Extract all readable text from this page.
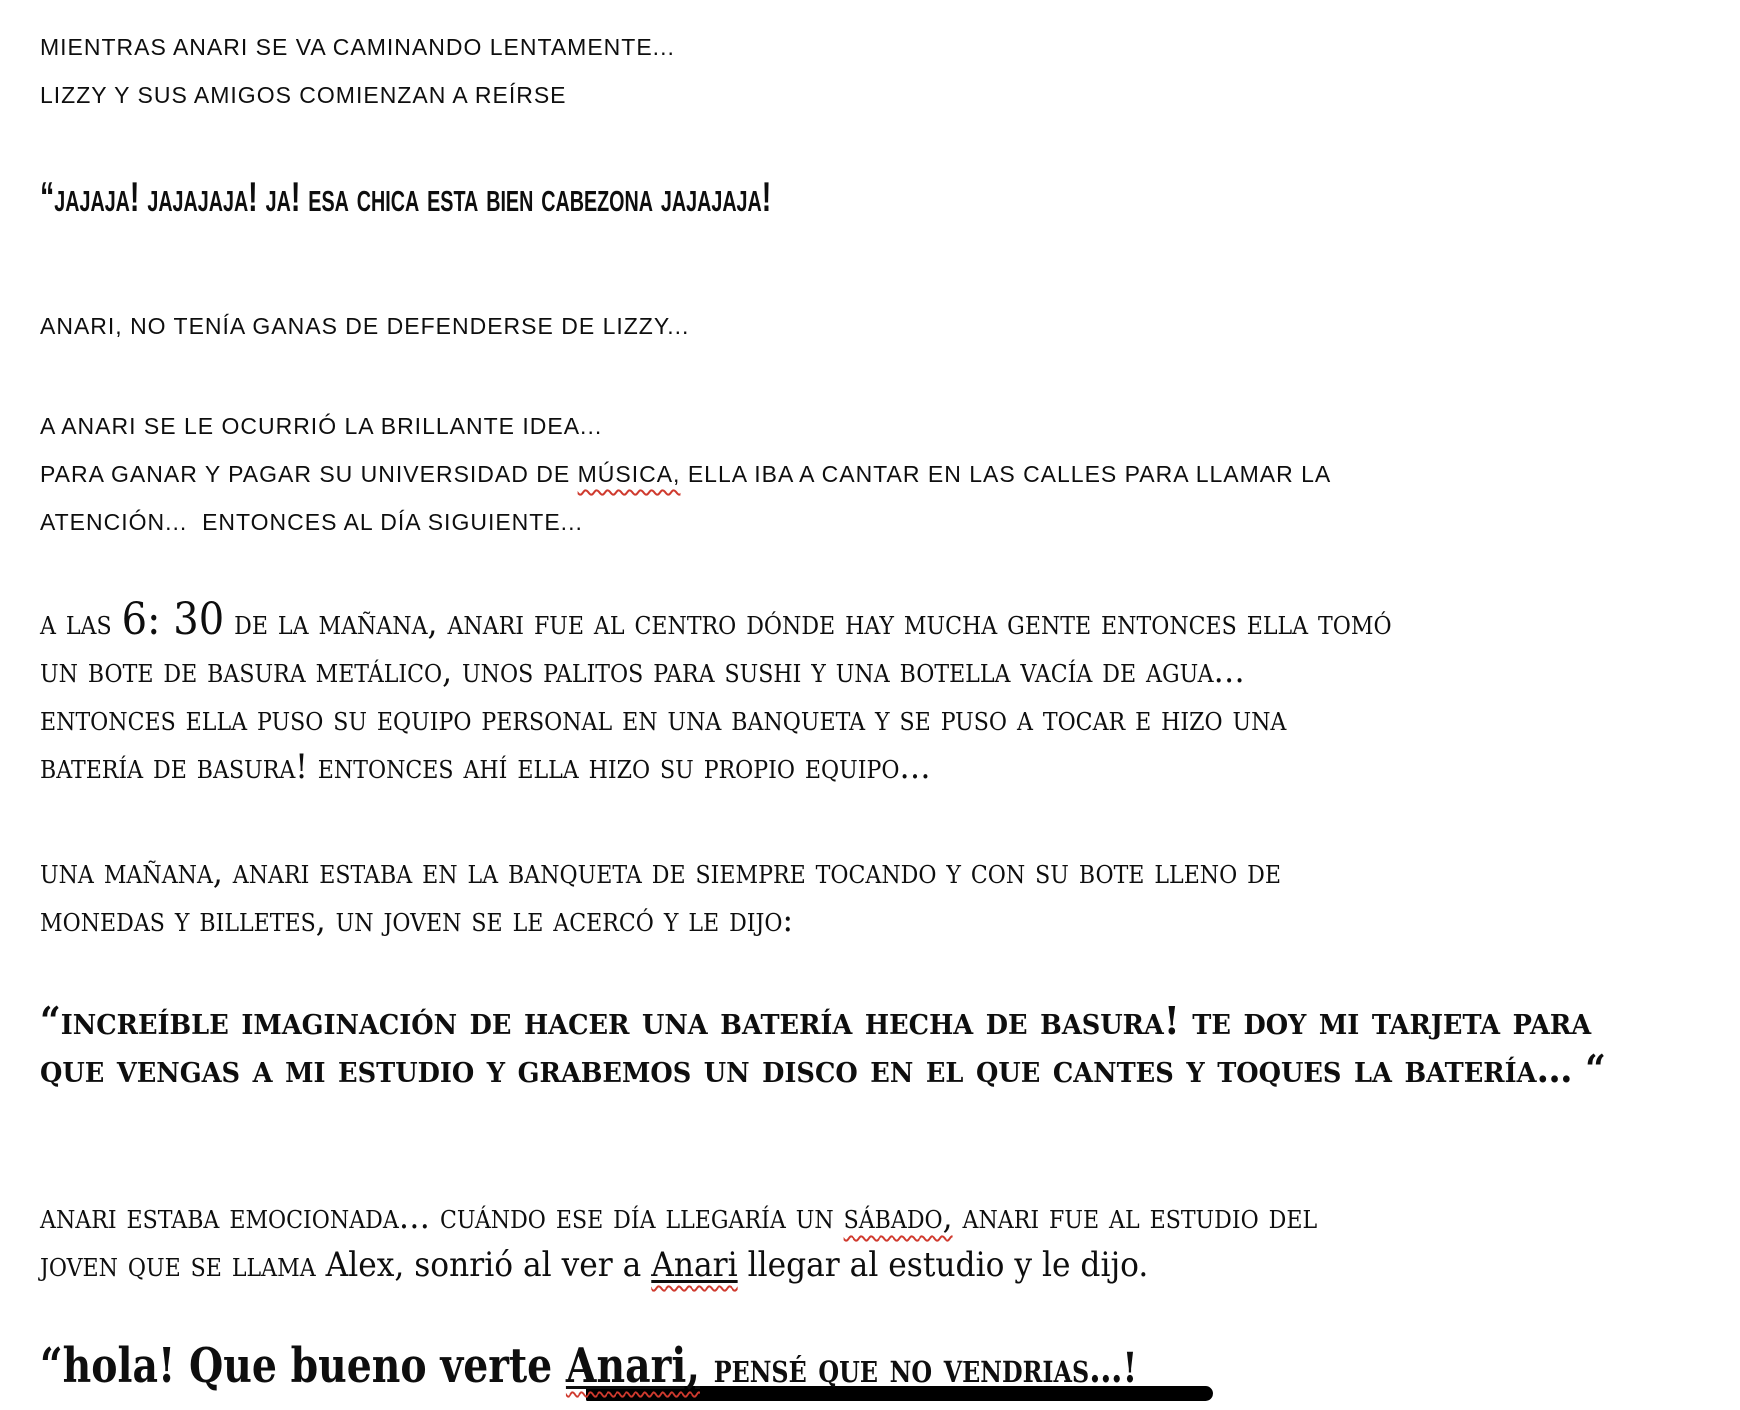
MIENTRAS ANARI SE VA CAMINANDO LENTAMENTE...
LIZZY Y SUS AMIGOS COMIENZAN A REÍRSE
“jajaja! jajajaja! ja! esa chica esta bien cabezona jajajaja!
ANARI, NO TENÍA GANAS DE DEFENDERSE DE LIZZY...
A ANARI SE LE OCURRIÓ LA BRILLANTE IDEA...
PARA GANAR Y PAGAR SU UNIVERSIDAD DE MÚSICA, ELLA IBA A CANTAR EN LAS CALLES PARA LLAMAR LA
ATENCIÓN...  ENTONCES AL DÍA SIGUIENTE...
a las 6: 30 de la mañana, anari fue al centro dónde hay mucha gente entonces ella tomó
un bote de basura metálico, unos palitos para sushi y una botella vacía de agua…
entonces ella puso su equipo personal en una banqueta y se puso a tocar e hizo una
batería de basura! entonces ahí ella hizo su propio equipo…
una mañana, anari estaba en la banqueta de siempre tocando y con su bote lleno de
monedas y billetes, un joven se le acercó y le dijo:
“increíble imaginación de hacer una batería hecha de basura! te doy mi tarjeta para
que vengas a mi estudio y grabemos un disco en el que cantes y toques la batería… “
anari estaba emocionada… cuándo ese día llegaría un sábado, anari fue al estudio del
joven que se llama Alex, sonrió al ver a Anari llegar al estudio y le dijo.
“hola! Que bueno verte Anari, pensé que no vendrias…!
